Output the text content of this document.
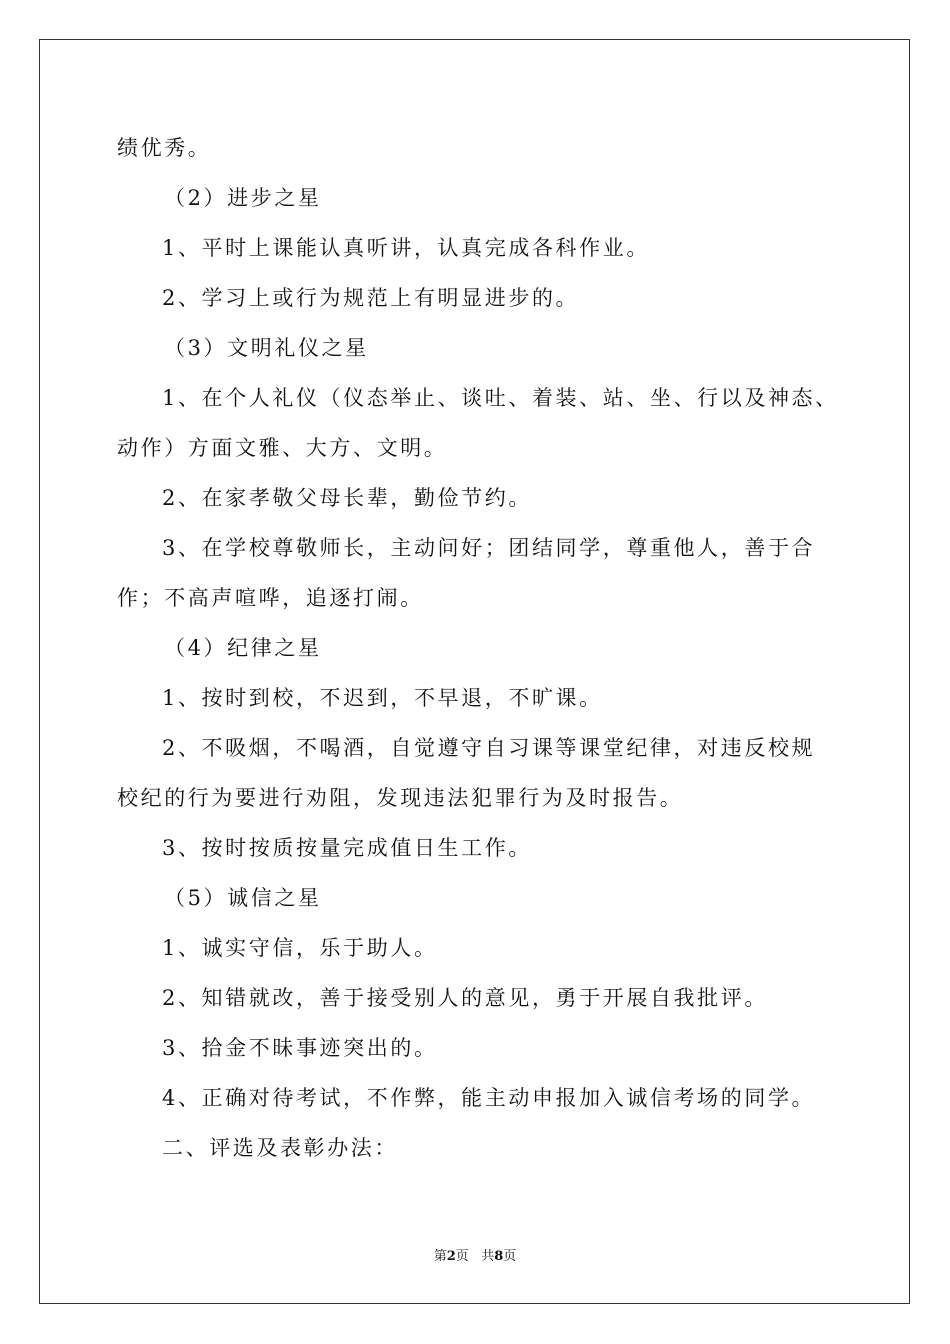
绩优秀。
（2）进步之星
1、平时上课能认真听讲，认真完成各科作业。
2、学习上或行为规范上有明显进步的。
（3）文明礼仪之星
1、在个人礼仪（仪态举止、谈吐、着装、站、坐、行以及神态、
动作）方面文雅、大方、文明。
2、在家孝敬父母长辈，勤俭节约。
3、在学校尊敬师长，主动问好；团结同学，尊重他人，善于合
作；不高声喧哗，追逐打闹。
（4）纪律之星
1、按时到校，不迟到，不早退，不旷课。
2、不吸烟，不喝酒，自觉遵守自习课等课堂纪律，对违反校规
校纪的行为要进行劝阻，发现违法犯罪行为及时报告。
3、按时按质按量完成值日生工作。
（5）诚信之星
1、诚实守信，乐于助人。
2、知错就改，善于接受别人的意见，勇于开展自我批评。
3、拾金不昧事迹突出的。
4、正确对待考试，不作弊，能主动申报加入诚信考场的同学。
二、评选及表彰办法：
第2页 共8页
